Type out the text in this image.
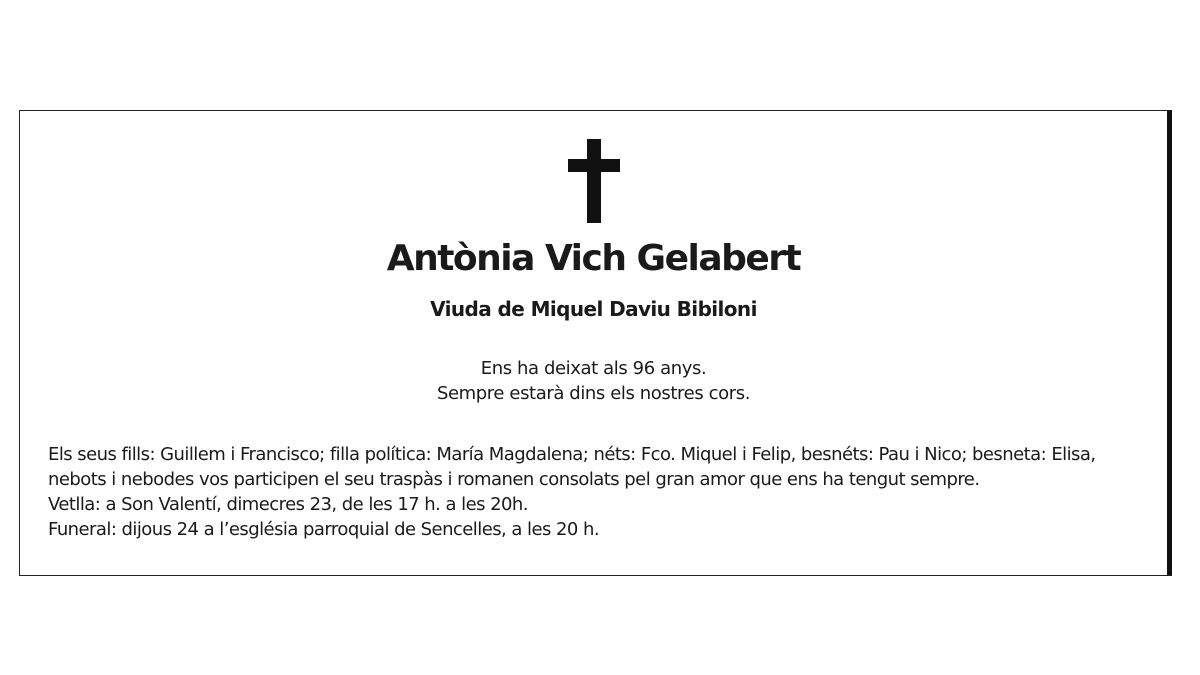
Antònia Vich Gelabert
Viuda de Miquel Daviu Bibiloni
Ens ha deixat als 96 anys.
Sempre estarà dins els nostres cors.
Els seus fills: Guillem i Francisco; filla política: María Magdalena; néts: Fco. Miquel i Felip, besnéts: Pau i Nico; besneta: Elisa,
nebots i nebodes vos participen el seu traspàs i romanen consolats pel gran amor que ens ha tengut sempre.
Vetlla: a Son Valentí, dimecres 23, de les 17 h. a les 20h.
Funeral: dijous 24 a l’església parroquial de Sencelles, a les 20 h.
